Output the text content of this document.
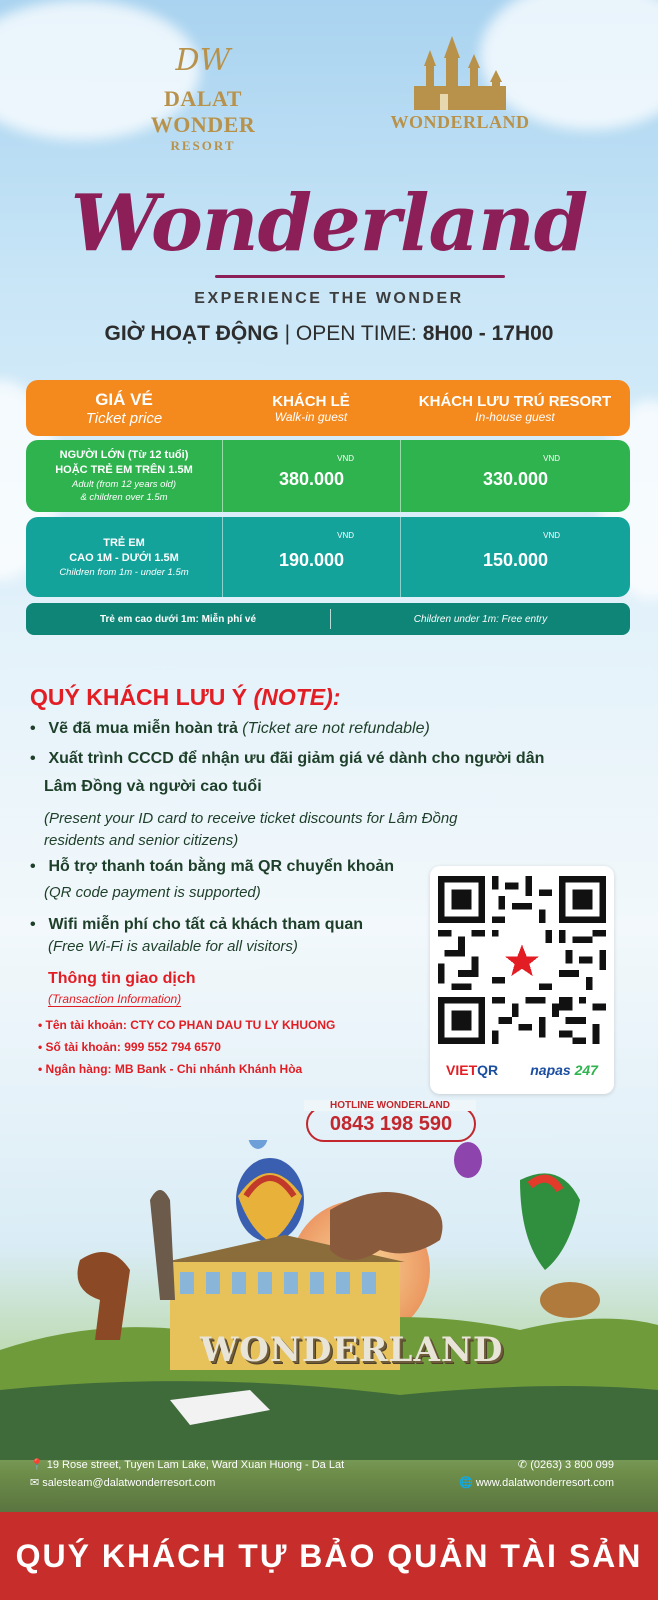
DW
DALAT WONDER
RESORT
WONDERLAND
Wonderland
EXPERIENCE THE WONDER
GIỜ HOẠT ĐỘNG | OPEN TIME: 8H00 - 17H00
GIÁ VÉ
Ticket price
KHÁCH LẺ
Walk-in guest
KHÁCH LƯU TRÚ RESORT
In-house guest
NGƯỜI LỚN (Từ 12 tuổi)
HOẶC TRẺ EM TRÊN 1.5M
Adult (from 12 years old)
& children over 1.5m
VND
380.000
VND
330.000
TRẺ EM
CAO 1M - DƯỚI 1.5M
Children from 1m - under 1.5m
VND
190.000
VND
150.000
Trẻ em cao dưới 1m: Miễn phí vé	Children under 1m: Free entry
QUÝ KHÁCH LƯU Ý (NOTE):
• Vẽ đã mua miễn hoàn trả (Ticket are not refundable)
• Xuất trình CCCD để nhận ưu đãi giảm giá vé dành cho người dân
Lâm Đồng và người cao tuổi
(Present your ID card to receive ticket discounts for Lâm Đồng
residents and senior citizens)
• Hỗ trợ thanh toán bằng mã QR chuyển khoản
(QR code payment is supported)
• Wifi miễn phí cho tất cả khách tham quan
(Free Wi-Fi is available for all visitors)
Thông tin giao dịch
(Transaction Information)
• Tên tài khoản: CTY CO PHAN DAU TU LY KHUONG
• Số tài khoản: 999 552 794 6570
• Ngân hàng: MB Bank - Chi nhánh Khánh Hòa	VIETQR napas 247
0843 198 590
HOTLINE WONDERLAND
WONDERLAND
📍 19 Rose street, Tuyen Lam Lake, Ward Xuan Huong - Da Lat
✉ salesteam@dalatwonderresort.com
✆ (0263) 3 800 099
🌐 www.dalatwonderresort.com
QUÝ KHÁCH TỰ BẢO QUẢN TÀI SẢN
